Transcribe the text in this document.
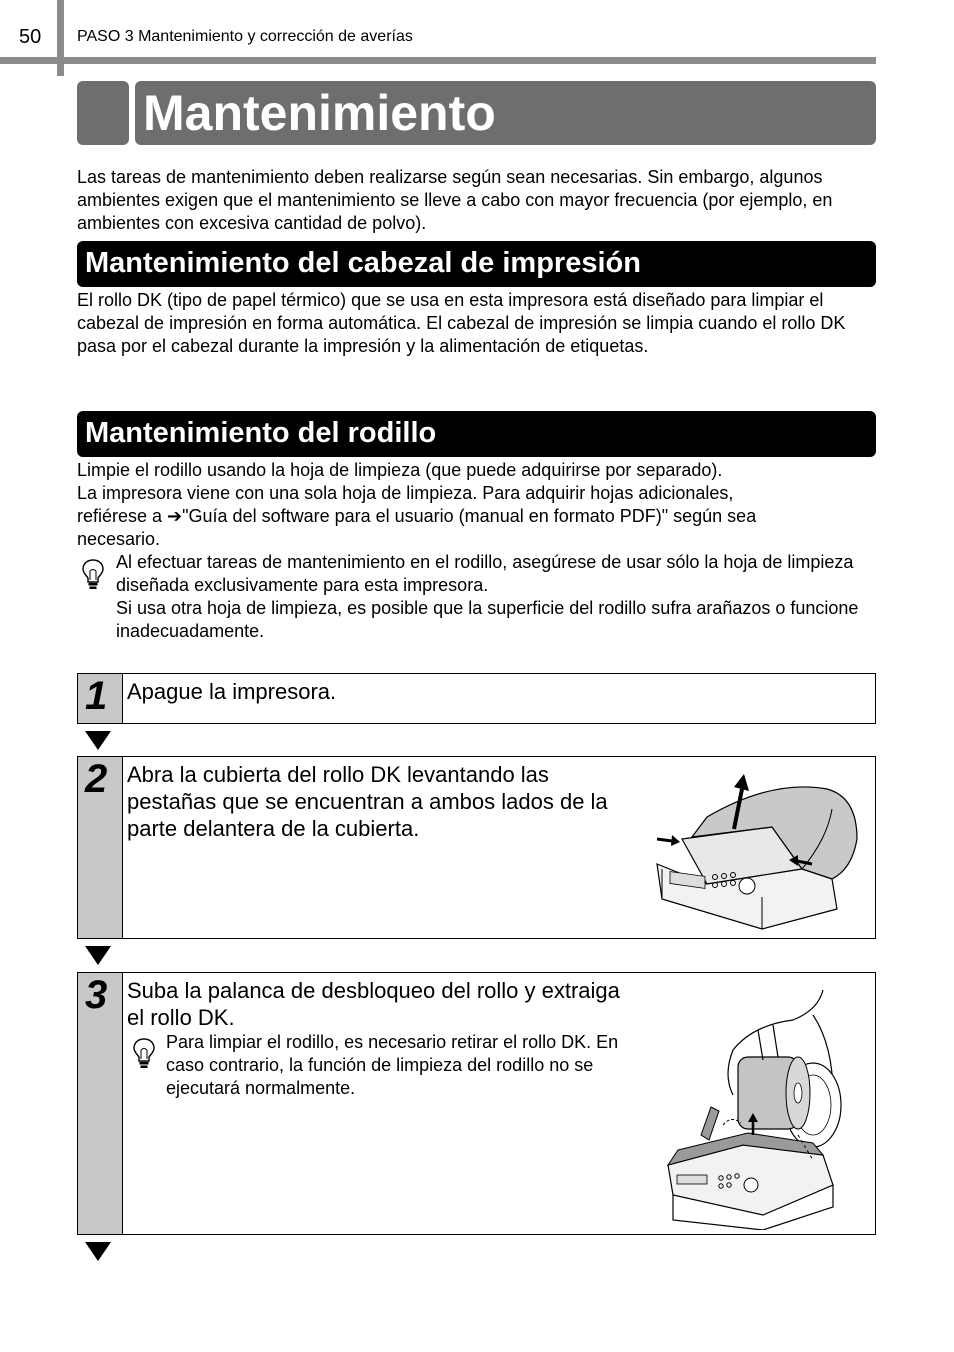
50 PASO 3 Mantenimiento y corrección de averías
Mantenimiento
Las tareas de mantenimiento deben realizarse según sean necesarias. Sin embargo, algunos ambientes exigen que el mantenimiento se lleve a cabo con mayor frecuencia (por ejemplo, en ambientes con excesiva cantidad de polvo).
Mantenimiento del cabezal de impresión
El rollo DK (tipo de papel térmico) que se usa en esta impresora está diseñado para limpiar el cabezal de impresión en forma automática. El cabezal de impresión se limpia cuando el rollo DK pasa por el cabezal durante la impresión y la alimentación de etiquetas.
Mantenimiento del rodillo
Limpie el rodillo usando la hoja de limpieza (que puede adquirirse por separado).
La impresora viene con una sola hoja de limpieza. Para adquirir hojas adicionales,
refiérese a ➔"Guía del software para el usuario (manual en formato PDF)" según sea
necesario.
Al efectuar tareas de mantenimiento en el rodillo, asegúrese de usar sólo la hoja de limpieza diseñada exclusivamente para esta impresora.
Si usa otra hoja de limpieza, es posible que la superficie del rodillo sufra arañazos o funcione inadecuadamente.
1 Apague la impresora.
2 Abra la cubierta del rollo DK levantando las pestañas que se encuentran a ambos lados de la parte delantera de la cubierta.
3 Suba la palanca de desbloqueo del rollo y extraiga el rollo DK.
Para limpiar el rodillo, es necesario retirar el rollo DK. En caso contrario, la función de limpieza del rodillo no se ejecutará normalmente.
